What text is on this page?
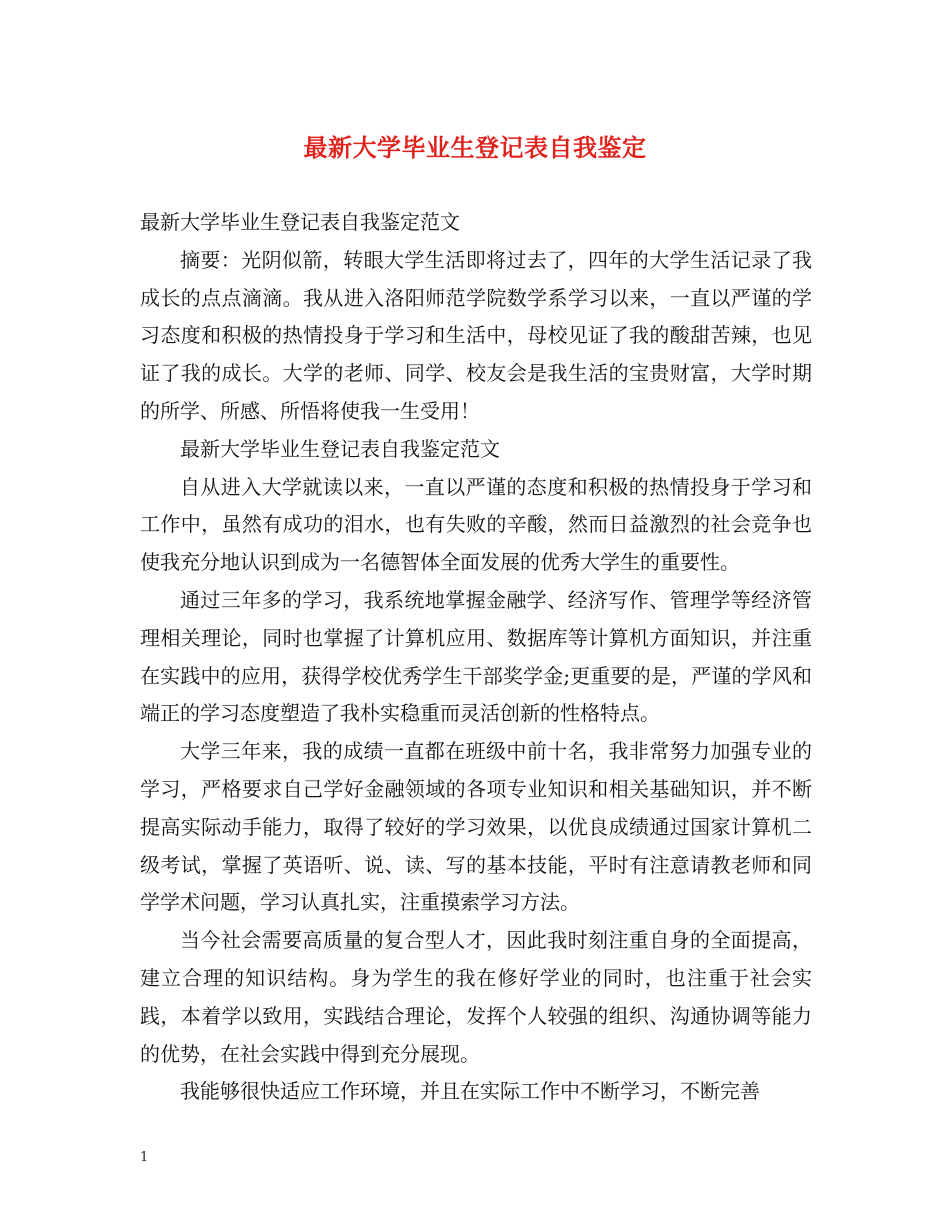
最新大学毕业生登记表自我鉴定

最新大学毕业生登记表自我鉴定范文

摘要：光阴似箭，转眼大学生活即将过去了，四年的大学生活记录了我成长的点点滴滴。我从进入洛阳师范学院数学系学习以来，一直以严谨的学习态度和积极的热情投身于学习和生活中，母校见证了我的酸甜苦辣，也见证了我的成长。大学的老师、同学、校友会是我生活的宝贵财富，大学时期的所学、所感、所悟将使我一生受用！

最新大学毕业生登记表自我鉴定范文

自从进入大学就读以来，一直以严谨的态度和积极的热情投身于学习和工作中，虽然有成功的泪水，也有失败的辛酸，然而日益激烈的社会竞争也使我充分地认识到成为一名德智体全面发展的优秀大学生的重要性。

通过三年多的学习，我系统地掌握金融学、经济写作、管理学等经济管理相关理论，同时也掌握了计算机应用、数据库等计算机方面知识，并注重在实践中的应用，获得学校优秀学生干部奖学金;更重要的是，严谨的学风和端正的学习态度塑造了我朴实稳重而灵活创新的性格特点。

大学三年来，我的成绩一直都在班级中前十名，我非常努力加强专业的学习，严格要求自己学好金融领域的各项专业知识和相关基础知识，并不断提高实际动手能力，取得了较好的学习效果，以优良成绩通过国家计算机二级考试，掌握了英语听、说、读、写的基本技能，平时有注意请教老师和同学学术问题，学习认真扎实，注重摸索学习方法。

当今社会需要高质量的复合型人才，因此我时刻注重自身的全面提高，建立合理的知识结构。身为学生的我在修好学业的同时，也注重于社会实践，本着学以致用，实践结合理论，发挥个人较强的组织、沟通协调等能力的优势，在社会实践中得到充分展现。

我能够很快适应工作环境，并且在实际工作中不断学习，不断完善

1
